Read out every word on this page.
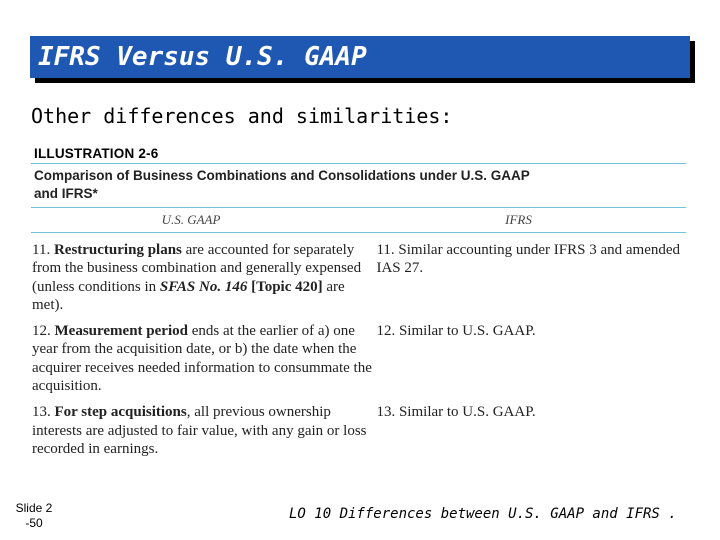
IFRS Versus U.S. GAAP
Other differences and similarities:
ILLUSTRATION 2-6
Comparison of Business Combinations and Consolidations under U.S. GAAP
and IFRS*
U.S. GAAP	IFRS
11. Restructuring plans are accounted for separately from the business combination and generally expensed (unless conditions in SFAS No. 146 [Topic 420] are met).
11. Similar accounting under IFRS 3 and amended IAS 27.
12. Measurement period ends at the earlier of a) one year from the acquisition date, or b) the date when the acquirer receives needed information to consummate the acquisition.
12. Similar to U.S. GAAP.
13. For step acquisitions, all previous ownership interests are adjusted to fair value, with any gain or loss recorded in earnings.
13. Similar to U.S. GAAP.
Slide 2
-50
LO 10 Differences between U.S. GAAP and IFRS .
